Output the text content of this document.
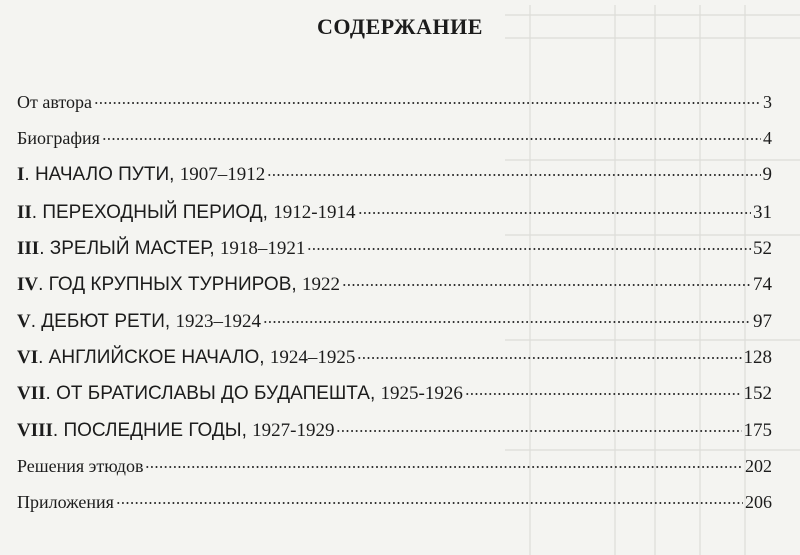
СОДЕРЖАНИЕ
От автора	3
Биография	4
I. НАЧАЛО ПУТИ, 1907–1912	9
II. ПЕРЕХОДНЫЙ ПЕРИОД, 1912-1914	31
III. ЗРЕЛЫЙ МАСТЕР, 1918–1921	52
IV. ГОД КРУПНЫХ ТУРНИРОВ, 1922	74
V. ДЕБЮТ РЕТИ, 1923–1924	97
VI. АНГЛИЙСКОЕ НАЧАЛО, 1924–1925	128
VII. ОТ БРАТИСЛАВЫ ДО БУДАПЕШТА, 1925-1926	152
VIII. ПОСЛЕДНИЕ ГОДЫ, 1927-1929	175
Решения этюдов	202
Приложения	206
